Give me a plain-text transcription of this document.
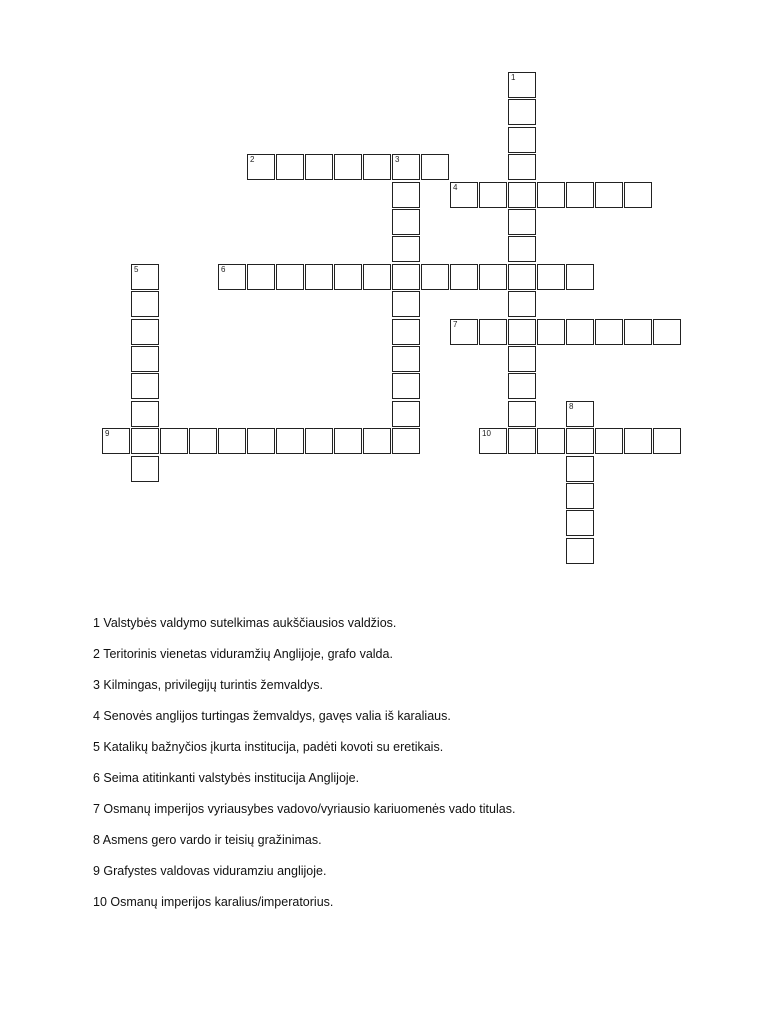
1
2	3
4
5	6
7
8
9	10
1 Valstybės valdymo sutelkimas aukščiausios valdžios.
2 Teritorinis vienetas viduramžių Anglijoje, grafo valda.
3 Kilmingas, privilegijų turintis žemvaldys.
4 Senovės anglijos turtingas žemvaldys, gavęs valia iš karaliaus.
5 Katalikų bažnyčios įkurta institucija, padėti kovoti su eretikais.
6 Seima atitinkanti valstybės institucija Anglijoje.
7 Osmanų imperijos vyriausybes vadovo/vyriausio kariuomenės vado titulas.
8 Asmens gero vardo ir teisių gražinimas.
9 Grafystes valdovas viduramziu anglijoje.
10 Osmanų imperijos karalius/imperatorius.
